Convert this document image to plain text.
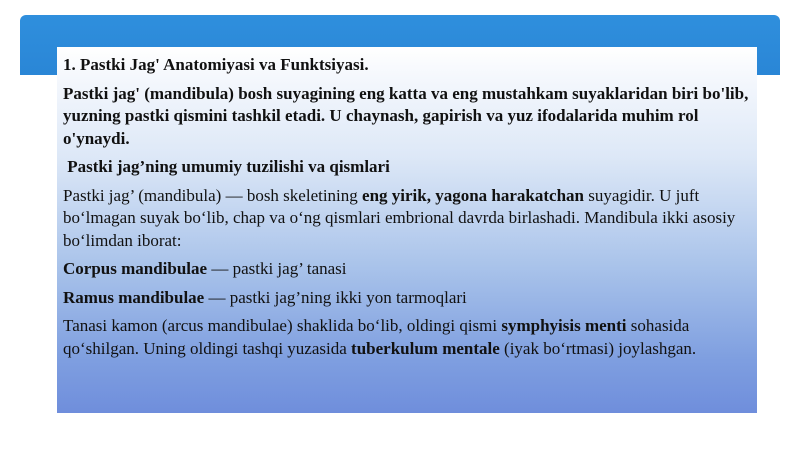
1. Pastki Jag' Anatomiyasi va Funktsiyasi.

Pastki jag' (mandibula) bosh suyagining eng katta va eng mustahkam suyaklaridan biri bo'lib, yuzning pastki qismini tashkil etadi. U chaynash, gapirish va yuz ifodalarida muhim rol o'ynaydi.

Pastki jag’ning umumiy tuzilishi va qismlari

Pastki jag’ (mandibula) — bosh skeletining eng yirik, yagona harakatchan suyagidir. U juft bo‘lmagan suyak bo‘lib, chap va o‘ng qismlari embrional davrda birlashadi. Mandibula ikki asosiy bo‘limdan iborat:

Corpus mandibulae — pastki jag’ tanasi

Ramus mandibulae — pastki jag’ning ikki yon tarmoqlari

Tanasi kamon (arcus mandibulae) shaklida bo‘lib, oldingi qismi symphyisis menti sohasida qo‘shilgan. Uning oldingi tashqi yuzasida tuberkulum mentale (iyak bo‘rtmasi) joylashgan.
